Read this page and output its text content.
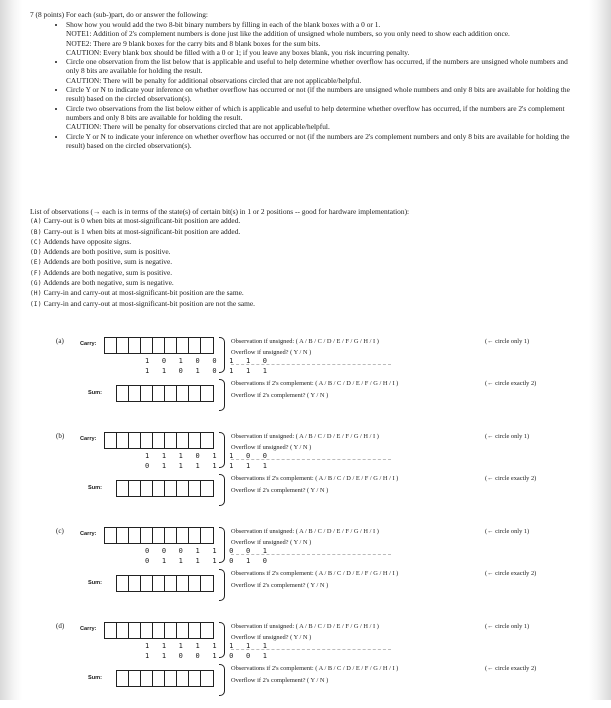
7 (8 points) For each (sub-)part, do or answer the following:
• Show how you would add the two 8-bit binary numbers by filling in each of the blank boxes with a 0 or 1.
NOTE1: Addition of 2's complement numbers is done just like the addition of unsigned whole numbers, so you only need to show each addition once.
NOTE2: There are 9 blank boxes for the carry bits and 8 blank boxes for the sum bits.
CAUTION: Every blank box should be filled with a 0 or 1; if you leave any boxes blank, you risk incurring penalty.
• Circle one observation from the list below that is applicable and useful to help determine whether overflow has occurred, if the numbers are unsigned whole numbers and only 8 bits are available for holding the result.
CAUTION: There will be penalty for additional observations circled that are not applicable/helpful.
• Circle Y or N to indicate your inference on whether overflow has occurred or not (if the numbers are unsigned whole numbers and only 8 bits are available for holding the result) based on the circled observation(s).
• Circle two observations from the list below either of which is applicable and useful to help determine whether overflow has occurred, if the numbers are 2's complement numbers and only 8 bits are available for holding the result.
CAUTION: There will be penalty for observations circled that are not applicable/helpful.
• Circle Y or N to indicate your inference on whether overflow has occurred or not (if the numbers are 2's complement numbers and only 8 bits are available for holding the result) based on the circled observation(s).
List of observations (→ each is in terms of the state(s) of certain bit(s) in 1 or 2 positions -- good for hardware implementation):
(A) Carry-out is 0 when bits at most-significant-bit position are added.
(B) Carry-out is 1 when bits at most-significant-bit position are added.
(C) Addends have opposite signs.
(D) Addends are both positive, sum is positive.
(E) Addends are both positive, sum is negative.
(F) Addends are both negative, sum is positive.
(G) Addends are both negative, sum is negative.
(H) Carry-in and carry-out at most-significant-bit position are the same.
(I) Carry-in and carry-out at most-significant-bit position are not the same.
(a)	Carry:
1 0 1 0 0 1 1 0
1 1 0 1 0 1 1 1
Sum:
Observation if unsigned: ( A / B / C / D / E / F / G / H / I )
Overflow if unsigned? ( Y / N )
Observations if 2's complement: ( A / B / C / D / E / F / G / H / I )
Overflow if 2's complement? ( Y / N )
(← circle only 1)
(← circle exactly 2)
(b)	Carry:
1 1 1 0 1 1 0 0
0 1 1 1 1 1 1 1
Sum:
Observation if unsigned: ( A / B / C / D / E / F / G / H / I )
Overflow if unsigned? ( Y / N )
Observations if 2's complement: ( A / B / C / D / E / F / G / H / I )
Overflow if 2's complement? ( Y / N )
(← circle only 1)
(← circle exactly 2)
(c)	Carry:
0 0 0 1 1 0 0 1
0 1 1 1 1 0 1 0
Sum:
Observation if unsigned: ( A / B / C / D / E / F / G / H / I )
Overflow if unsigned? ( Y / N )
Observations if 2's complement: ( A / B / C / D / E / F / G / H / I )
Overflow if 2's complement? ( Y / N )
(← circle only 1)
(← circle exactly 2)
(d)	Carry:
1 1 1 1 1 1 1 1
1 1 0 0 1 0 0 1
Sum:
Observation if unsigned: ( A / B / C / D / E / F / G / H / I )
Overflow if unsigned? ( Y / N )
Observations if 2's complement: ( A / B / C / D / E / F / G / H / I )
Overflow if 2's complement? ( Y / N )
(← circle only 1)
(← circle exactly 2)
